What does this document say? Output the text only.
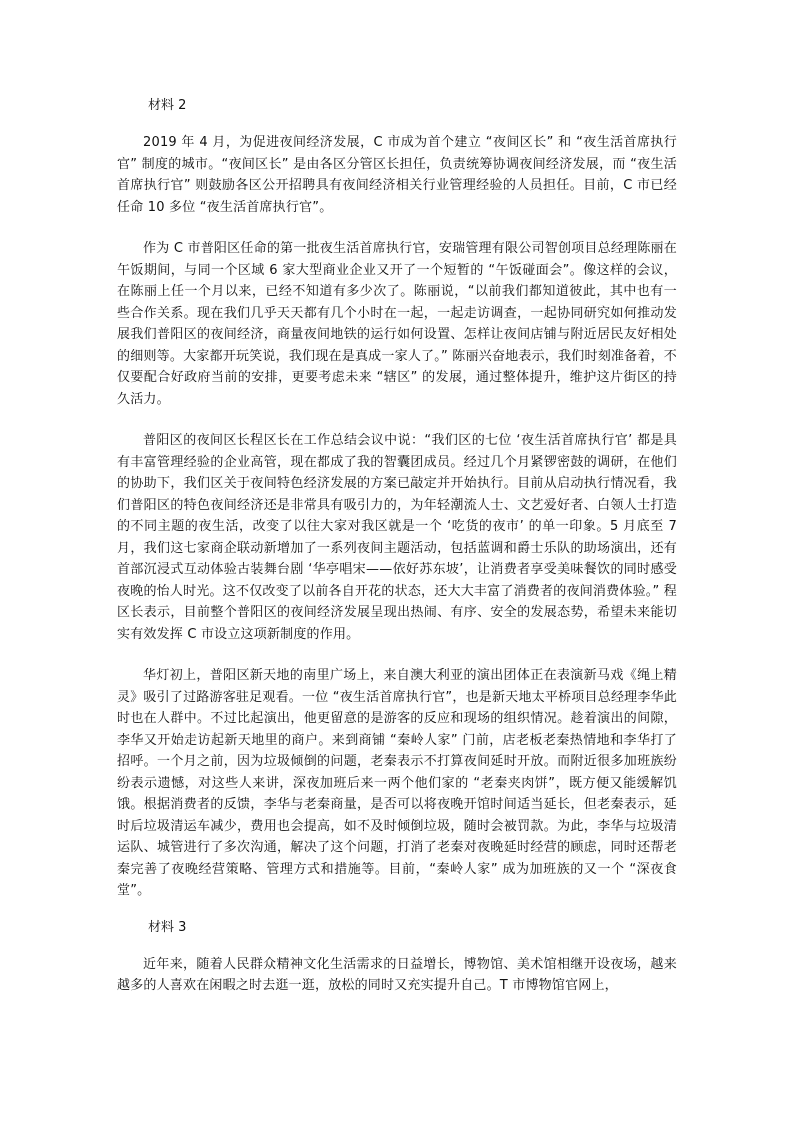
材料 2

2019 年 4 月，为促进夜间经济发展，C 市成为首个建立 “夜间区长” 和 “夜生活首席执行官” 制度的城市。“夜间区长” 是由各区分管区长担任，负责统筹协调夜间经济发展，而 “夜生活首席执行官” 则鼓励各区公开招聘具有夜间经济相关行业管理经验的人员担任。目前，C 市已经任命 10 多位 “夜生活首席执行官”。

作为 C 市普阳区任命的第一批夜生活首席执行官，安瑞管理有限公司智创项目总经理陈丽在午饭期间，与同一个区域 6 家大型商业企业又开了一个短暂的 “午饭碰面会”。像这样的会议，在陈丽上任一个月以来，已经不知道有多少次了。陈丽说，“以前我们都知道彼此，其中也有一些合作关系。现在我们几乎天天都有几个小时在一起，一起走访调查，一起协同研究如何推动发展我们普阳区的夜间经济，商量夜间地铁的运行如何设置、怎样让夜间店铺与附近居民友好相处的细则等。大家都开玩笑说，我们现在是真成一家人了。” 陈丽兴奋地表示，我们时刻准备着，不仅要配合好政府当前的安排，更要考虑未来 “辖区” 的发展，通过整体提升，维护这片街区的持久活力。

普阳区的夜间区长程区长在工作总结会议中说：“我们区的七位 ‘夜生活首席执行官’ 都是具有丰富管理经验的企业高管，现在都成了我的智囊团成员。经过几个月紧锣密鼓的调研，在他们的协助下，我们区关于夜间特色经济发展的方案已敲定并开始执行。目前从启动执行情况看，我们普阳区的特色夜间经济还是非常具有吸引力的，为年轻潮流人士、文艺爱好者、白领人士打造的不同主题的夜生活，改变了以往大家对我区就是一个 ‘吃货的夜市’ 的单一印象。5 月底至 7 月，我们这七家商企联动新增加了一系列夜间主题活动，包括蓝调和爵士乐队的助场演出，还有首部沉浸式互动体验古装舞台剧 ‘华亭唱宋——依好苏东坡’，让消费者享受美味餐饮的同时感受夜晚的怡人时光。这不仅改变了以前各自开花的状态，还大大丰富了消费者的夜间消费体验。” 程区长表示，目前整个普阳区的夜间经济发展呈现出热闹、有序、安全的发展态势，希望未来能切实有效发挥 C 市设立这项新制度的作用。

华灯初上，普阳区新天地的南里广场上，来自澳大利亚的演出团体正在表演新马戏《绳上精灵》吸引了过路游客驻足观看。一位 “夜生活首席执行官”，也是新天地太平桥项目总经理李华此时也在人群中。不过比起演出，他更留意的是游客的反应和现场的组织情况。趁着演出的间隙，李华又开始走访起新天地里的商户。来到商铺 “秦岭人家” 门前，店老板老秦热情地和李华打了招呼。一个月之前，因为垃圾倾倒的问题，老秦表示不打算夜间延时开放。而附近很多加班族纷纷表示遗憾，对这些人来讲，深夜加班后来一两个他们家的 “老秦夹肉饼”，既方便又能缓解饥饿。根据消费者的反馈，李华与老秦商量，是否可以将夜晚开馆时间适当延长，但老秦表示，延时后垃圾清运车减少，费用也会提高，如不及时倾倒垃圾，随时会被罚款。为此，李华与垃圾清运队、城管进行了多次沟通，解决了这个问题，打消了老秦对夜晚延时经营的顾虑，同时还帮老秦完善了夜晚经营策略、管理方式和措施等。目前，“秦岭人家” 成为加班族的又一个 “深夜食堂”。

材料 3

近年来，随着人民群众精神文化生活需求的日益增长，博物馆、美术馆相继开设夜场，越来越多的人喜欢在闲暇之时去逛一逛，放松的同时又充实提升自己。T 市博物馆官网上，
